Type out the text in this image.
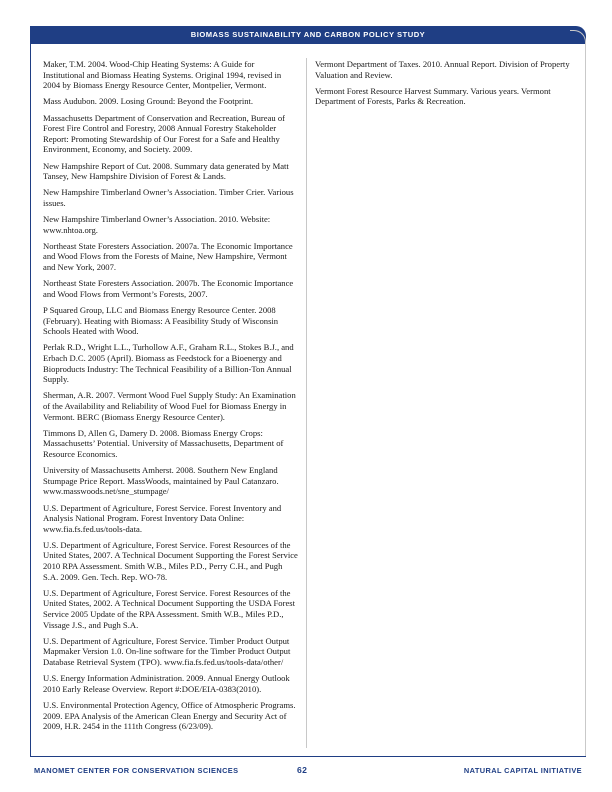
BIOMASS SUSTAINABILITY AND CARBON POLICY STUDY

Maker, T.M. 2004. Wood-Chip Heating Systems: A Guide for Institutional and Biomass Heating Systems. Original 1994, revised in 2004 by Biomass Energy Resource Center, Montpelier, Vermont.

Mass Audubon. 2009. Losing Ground: Beyond the Footprint.

Massachusetts Department of Conservation and Recreation, Bureau of Forest Fire Control and Forestry, 2008 Annual Forestry Stakeholder Report: Promoting Stewardship of Our Forest for a Safe and Healthy Environment, Economy, and Society. 2009.

New Hampshire Report of Cut. 2008. Summary data generated by Matt Tansey, New Hampshire Division of Forest & Lands.

New Hampshire Timberland Owner’s Association. Timber Crier. Various issues.

New Hampshire Timberland Owner’s Association. 2010. Website: www.nhtoa.org.

Northeast State Foresters Association. 2007a. The Economic Importance and Wood Flows from the Forests of Maine, New Hampshire, Vermont and New York, 2007.

Northeast State Foresters Association. 2007b. The Economic Importance and Wood Flows from Vermont’s Forests, 2007.

P Squared Group, LLC and Biomass Energy Resource Center. 2008 (February). Heating with Biomass: A Feasibility Study of Wisconsin Schools Heated with Wood.

Perlak R.D., Wright L.L., Turhollow A.F., Graham R.L., Stokes B.J., and Erbach D.C. 2005 (April). Biomass as Feedstock for a Bioenergy and Bioproducts Industry: The Technical Feasibility of a Billion-Ton Annual Supply.

Sherman, A.R. 2007. Vermont Wood Fuel Supply Study: An Examination of the Availability and Reliability of Wood Fuel for Biomass Energy in Vermont. BERC (Biomass Energy Resource Center).

Timmons D, Allen G, Damery D. 2008. Biomass Energy Crops: Massachusetts’ Potential. University of Massachusetts, Department of Resource Economics.

University of Massachusetts Amherst. 2008. Southern New England Stumpage Price Report. MassWoods, maintained by Paul Catanzaro. www.masswoods.net/sne_stumpage/

U.S. Department of Agriculture, Forest Service. Forest Inventory and Analysis National Program. Forest Inventory Data Online: www.fia.fs.fed.us/tools-data.

U.S. Department of Agriculture, Forest Service. Forest Resources of the United States, 2007. A Technical Document Supporting the Forest Service 2010 RPA Assessment. Smith W.B., Miles P.D., Perry C.H., and Pugh S.A. 2009. Gen. Tech. Rep. WO-78.

U.S. Department of Agriculture, Forest Service. Forest Resources of the United States, 2002. A Technical Document Supporting the USDA Forest Service 2005 Update of the RPA Assessment. Smith W.B., Miles P.D., Vissage J.S., and Pugh S.A.

U.S. Department of Agriculture, Forest Service. Timber Product Output Mapmaker Version 1.0. On-line software for the Timber Product Output Database Retrieval System (TPO). www.fia.fs.fed.us/tools-data/other/

U.S. Energy Information Administration. 2009. Annual Energy Outlook 2010 Early Release Overview. Report #:DOE/EIA-0383(2010).

U.S. Environmental Protection Agency, Office of Atmospheric Programs. 2009. EPA Analysis of the American Clean Energy and Security Act of 2009, H.R. 2454 in the 111th Congress (6/23/09).

Vermont Department of Taxes. 2010. Annual Report. Division of Property Valuation and Review.

Vermont Forest Resource Harvest Summary. Various years. Vermont Department of Forests, Parks & Recreation.

MANOMET CENTER FOR CONSERVATION SCIENCES	62	NATURAL CAPITAL INITIATIVE
